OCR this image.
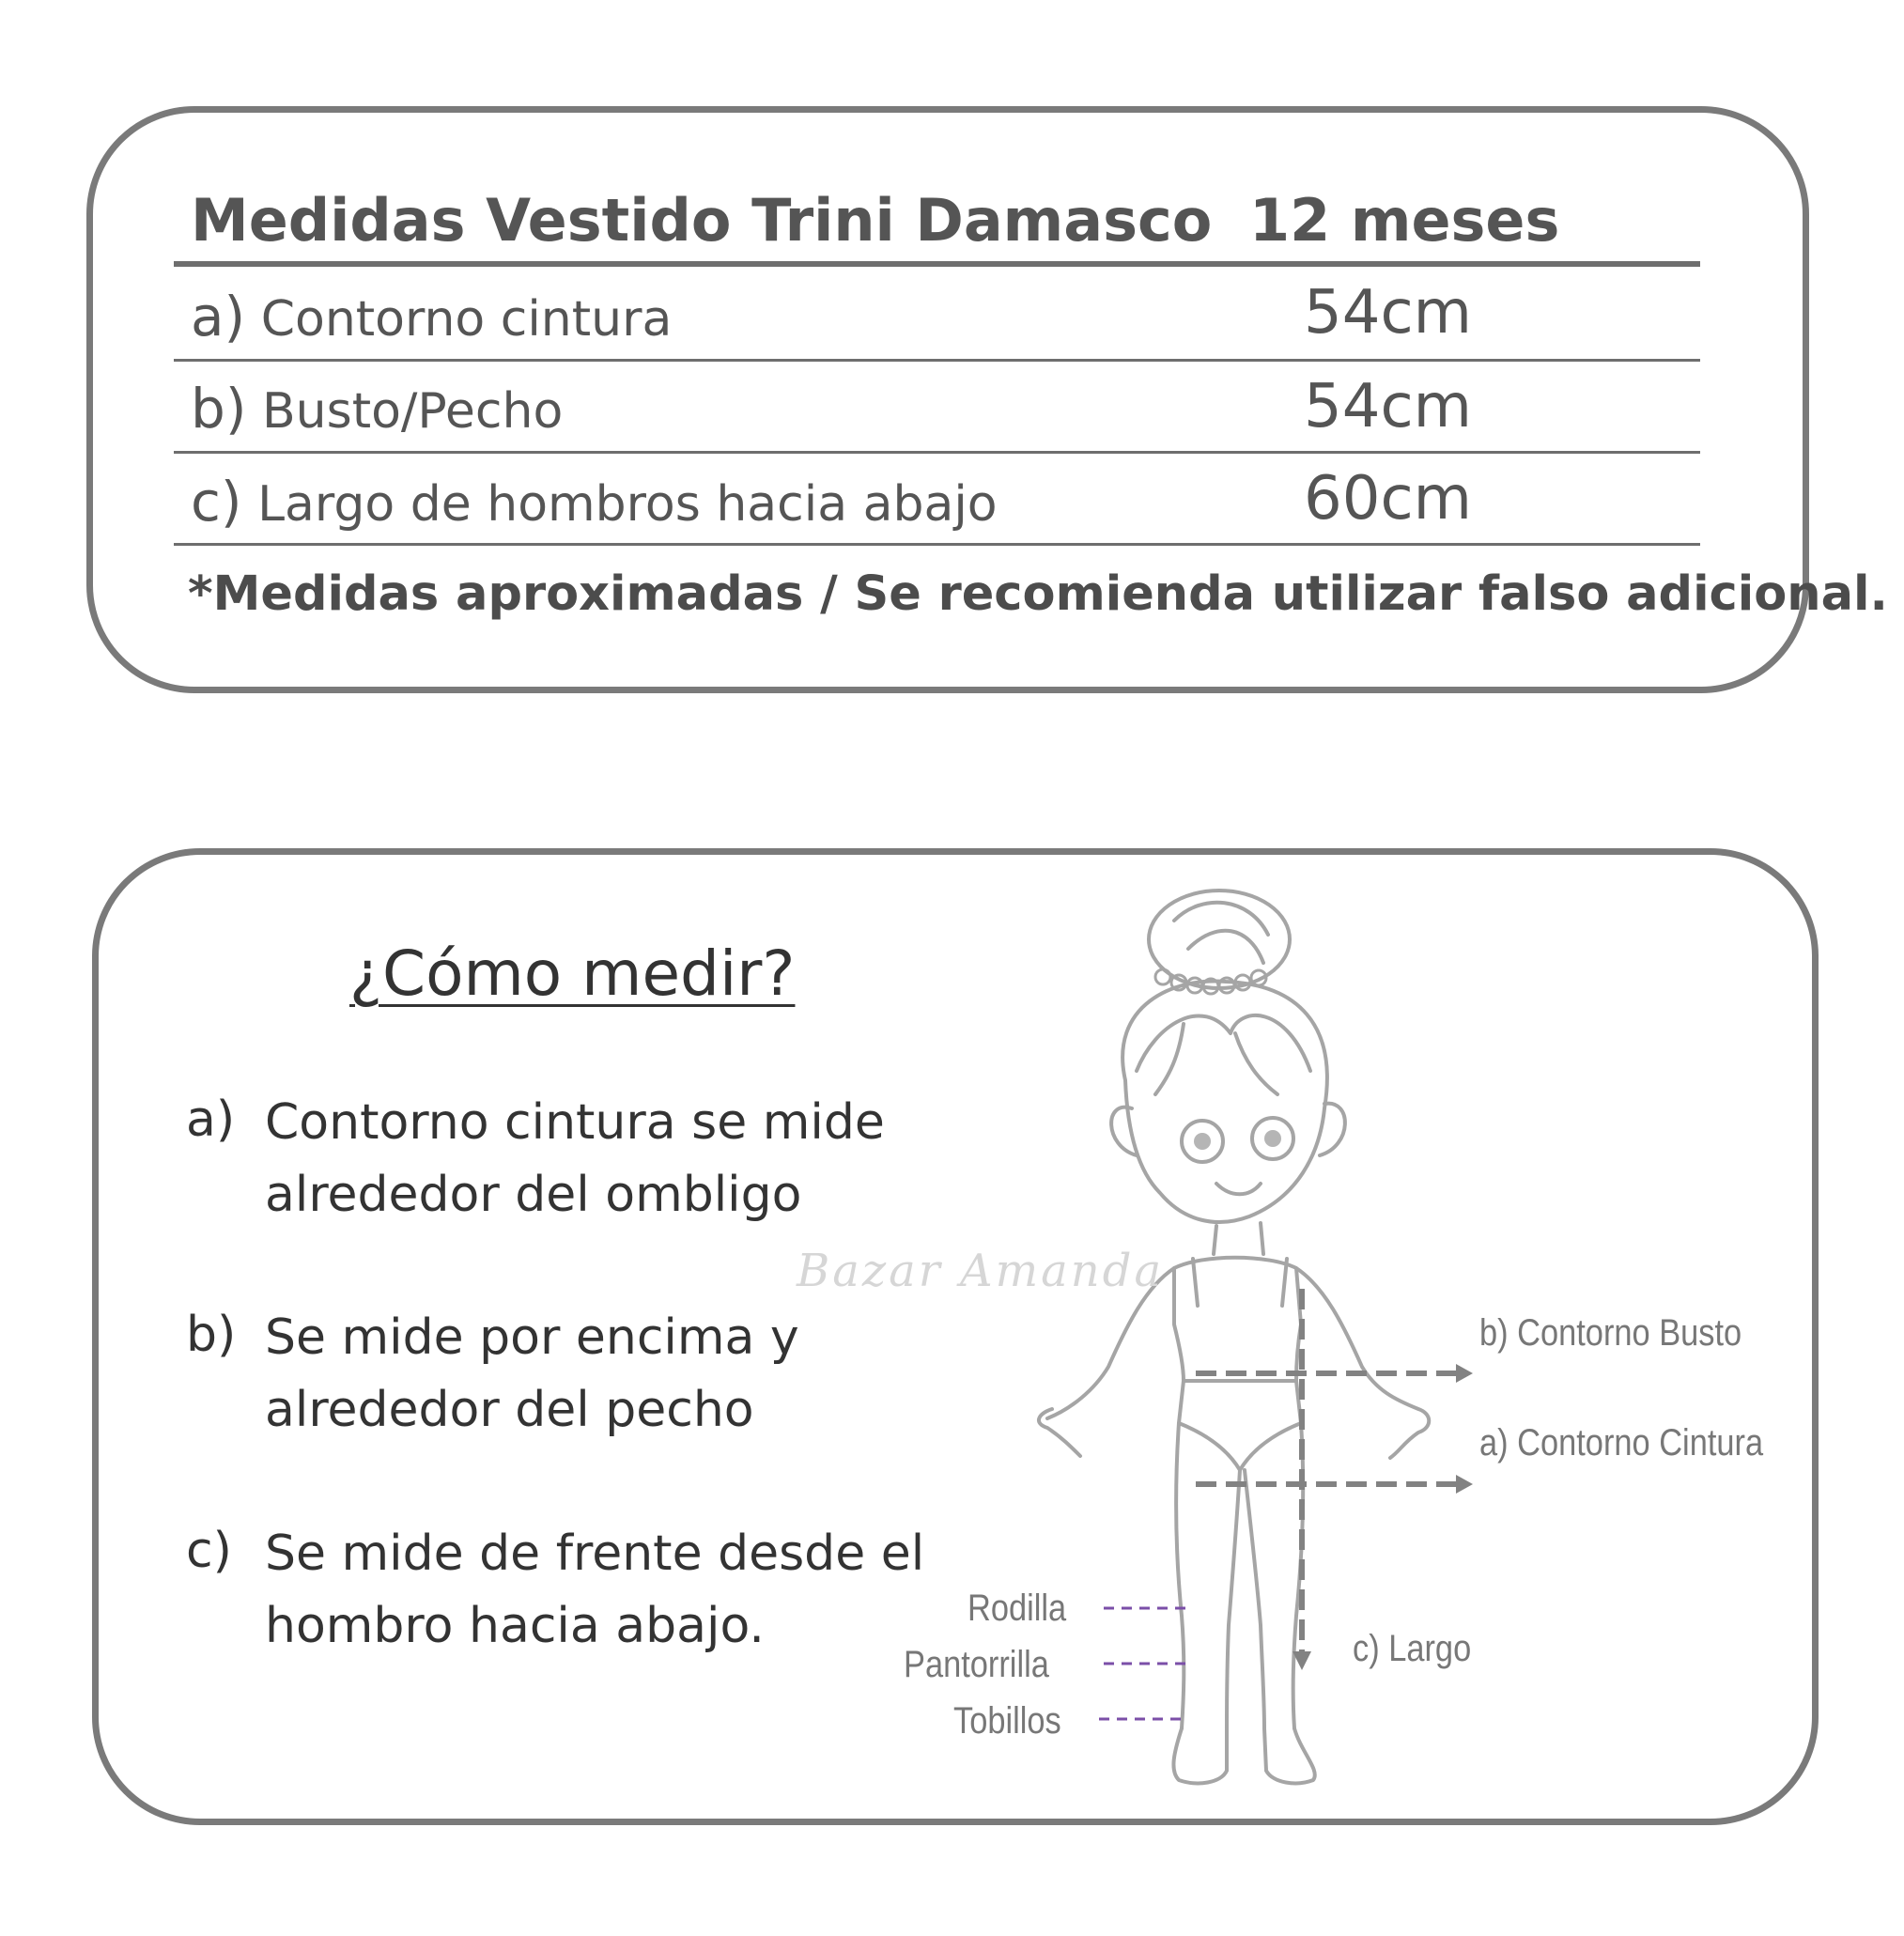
Medidas Vestido Trini Damasco 12 meses
a) Contorno cintura	54cm
b) Busto/Pecho	54cm
c) Largo de hombros hacia abajo	60cm
*Medidas aproximadas / Se recomienda utilizar falso adicional.
¿Cómo medir?
a) Contorno cintura se mide alrededor del ombligo
b) Se mide por encima y alrededor del pecho
c) Se mide de frente desde el hombro hacia abajo.
b) Contorno Busto
a) Contorno Cintura
c) Largo
Rodilla
Pantorrilla
Tobillos
Bazar Amanda
